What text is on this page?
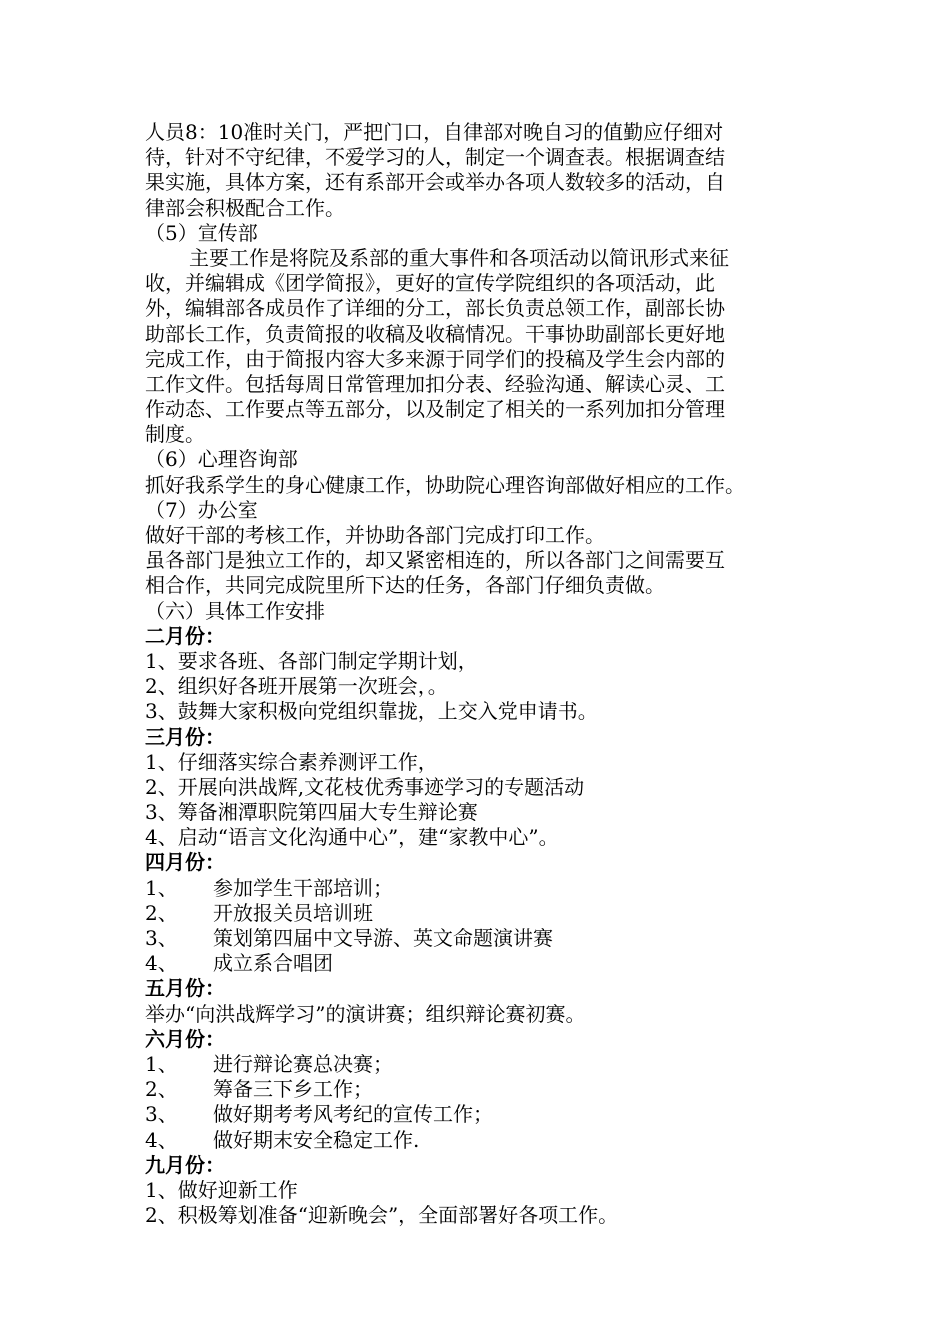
人员8：10准时关门，严把门口，自律部对晚自习的值勤应仔细对
待，针对不守纪律，不爱学习的人，制定一个调查表。根据调查结
果实施，具体方案，还有系部开会或举办各项人数较多的活动，自
律部会积极配合工作。
（5）宣传部
主要工作是将院及系部的重大事件和各项活动以简讯形式来征
收，并编辑成《团学简报》，更好的宣传学院组织的各项活动，此
外，编辑部各成员作了详细的分工，部长负责总领工作，副部长协
助部长工作，负责简报的收稿及收稿情况。干事协助副部长更好地
完成工作，由于简报内容大多来源于同学们的投稿及学生会内部的
工作文件。包括每周日常管理加扣分表、经验沟通、解读心灵、工
作动态、工作要点等五部分，以及制定了相关的一系列加扣分管理
制度。
（6）心理咨询部
抓好我系学生的身心健康工作，协助院心理咨询部做好相应的工作。
（7）办公室
做好干部的考核工作，并协助各部门完成打印工作。
虽各部门是独立工作的，却又紧密相连的，所以各部门之间需要互
相合作，共同完成院里所下达的任务，各部门仔细负责做。
（六）具体工作安排
二月份：
1、要求各班、各部门制定学期计划，
2、组织好各班开展第一次班会，。
3、鼓舞大家积极向党组织靠拢，上交入党申请书。
三月份：
1、仔细落实综合素养测评工作，
2、开展向洪战辉,文花枝优秀事迹学习的专题活动
3、筹备湘潭职院第四届大专生辩论赛
4、启动“语言文化沟通中心”，建“家教中心”。
四月份：
1、 参加学生干部培训；
2、 开放报关员培训班
3、 策划第四届中文导游、英文命题演讲赛
4、 成立系合唱团
五月份：
举办“向洪战辉学习”的演讲赛；组织辩论赛初赛。
六月份：
1、 进行辩论赛总决赛；
2、 筹备三下乡工作；
3、 做好期考考风考纪的宣传工作；
4、 做好期末安全稳定工作.
九月份：
1、做好迎新工作
2、积极筹划准备“迎新晚会”，全面部署好各项工作。
